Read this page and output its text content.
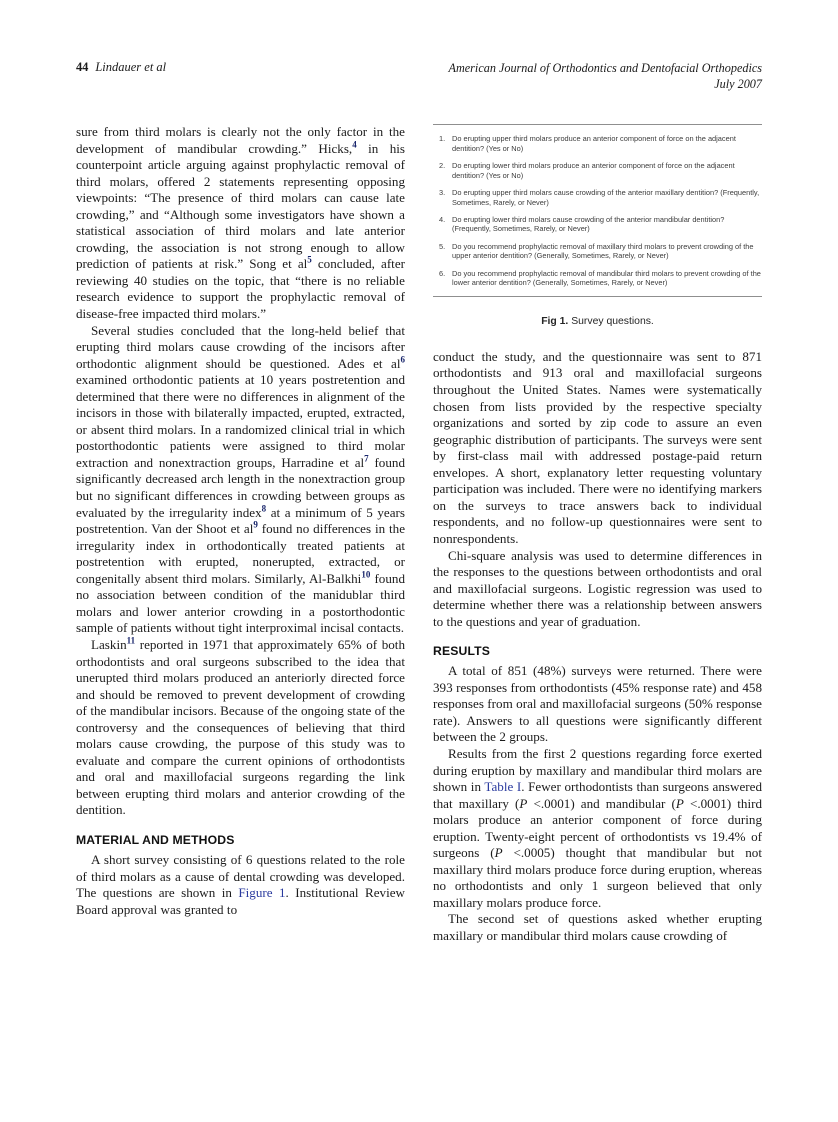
44 Lindauer et al	American Journal of Orthodontics and Dentofacial Orthopedics
July 2007

sure from third molars is clearly not the only factor in the development of mandibular crowding.” Hicks,$^4$ in his counterpoint article arguing against prophylactic removal of third molars, offered 2 statements representing opposing viewpoints: “The presence of third molars can cause late crowding,” and “Although some investigators have shown a statistical association of third molars and late anterior crowding, the association is not strong enough to allow prediction of patients at risk.” Song et $al^5$ concluded, after reviewing 40 studies on the topic, that “there is no reliable research evidence to support the prophylactic removal of disease-free impacted third molars.”

Several studies concluded that the long-held belief that erupting third molars cause crowding of the incisors after orthodontic alignment should be questioned. Ades et $al^6$ examined orthodontic patients at 10 years postretention and determined that there were no differences in alignment of the incisors in those with bilaterally impacted, erupted, extracted, or absent third molars. In a randomized clinical trial in which postorthodontic patients were assigned to third molar extraction and nonextraction groups, Harradine et $al^7$ found significantly decreased arch length in the nonextraction group but no significant differences in crowding between groups as evaluated by the irregularity index$^8$ at a minimum of 5 years postretention. Van der Shoot et $al^9$ found no differences in the irregularity index in orthodontically treated patients at postretention with erupted, nonerupted, extracted, or congenitally absent third molars. Similarly, Al-Balkhi$^{10}$ found no association between condition of the manidublar third molars and lower anterior crowding in a postorthodontic sample of patients without tight interproximal incisal contacts.

Laskin$^{11}$ reported in 1971 that approximately 65% of both orthodontists and oral surgeons subscribed to the idea that unerupted third molars produced an anteriorly directed force and should be removed to prevent development of crowding of the mandibular incisors. Because of the ongoing state of the controversy and the consequences of believing that third molars cause crowding, the purpose of this study was to evaluate and compare the current opinions of orthodontists and oral and maxillofacial surgeons regarding the link between erupting third molars and anterior crowding of the dentition.

MATERIAL AND METHODS

A short survey consisting of 6 questions related to the role of third molars as a cause of dental crowding was developed. The questions are shown in Figure 1. Institutional Review Board approval was granted to

1. Do erupting upper third molars produce an anterior component of force on the adjacent dentition? (Yes or No)
2. Do erupting lower third molars produce an anterior component of force on the adjacent dentition? (Yes or No)
3. Do erupting upper third molars cause crowding of the anterior maxillary dentition? (Frequently, Sometimes, Rarely, or Never)
4. Do erupting lower third molars cause crowding of the anterior mandibular dentition? (Frequently, Sometimes, Rarely, or Never)
5. Do you recommend prophylactic removal of maxillary third molars to prevent crowding of the upper anterior dentition? (Generally, Sometimes, Rarely, or Never)
6. Do you recommend prophylactic removal of mandibular third molars to prevent crowding of the lower anterior dentition? (Generally, Sometimes, Rarely, or Never)
Fig 1. Survey questions.

conduct the study, and the questionnaire was sent to 871 orthodontists and 913 oral and maxillofacial surgeons throughout the United States. Names were systematically chosen from lists provided by the respective specialty organizations and sorted by zip code to assure an even geographic distribution of participants. The surveys were sent by first-class mail with addressed postage-paid return envelopes. A short, explanatory letter requesting voluntary participation was included. There were no identifying markers on the surveys to trace answers back to individual respondents, and no follow-up questionnaires were sent to nonrespondents.

Chi-square analysis was used to determine differences in the responses to the questions between orthodontists and oral and maxillofacial surgeons. Logistic regression was used to determine whether there was a relationship between answers to the questions and year of graduation.

RESULTS

A total of 851 (48%) surveys were returned. There were 393 responses from orthodontists (45% response rate) and 458 responses from oral and maxillofacial surgeons (50% response rate). Answers to all questions were significantly different between the 2 groups.

Results from the first 2 questions regarding force exerted during eruption by maxillary and mandibular third molars are shown in Table I. Fewer orthodontists than surgeons answered that maxillary (P <.0001) and mandibular (P <.0001) third molars produce an anterior component of force during eruption. Twenty-eight percent of orthodontists vs 19.4% of surgeons (P <.0005) thought that mandibular but not maxillary third molars produce force during eruption, whereas no orthodontists and only 1 surgeon believed that only maxillary molars produce force.

The second set of questions asked whether erupting maxillary or mandibular third molars cause crowding of
